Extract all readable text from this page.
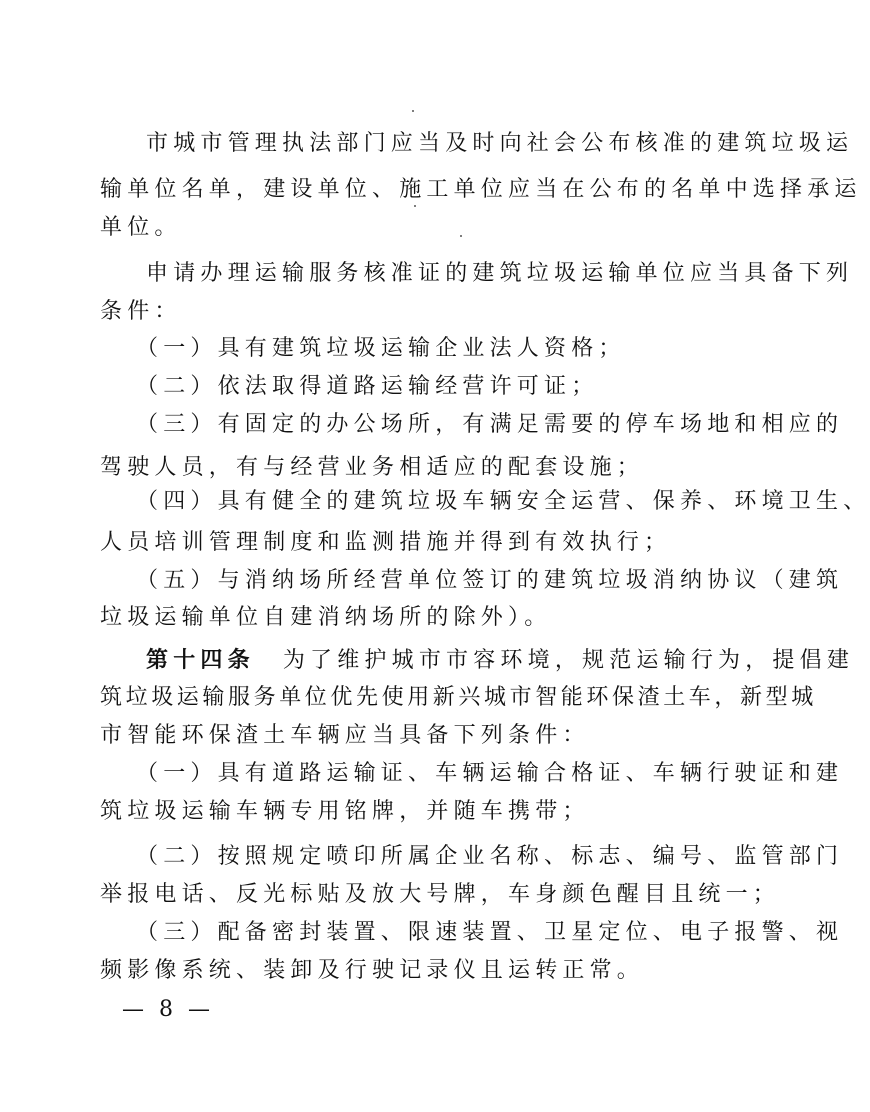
市城市管理执法部门应当及时向社会公布核准的建筑垃圾运
输单位名单，建设单位、施工单位应当在公布的名单中选择承运
单位。
申请办理运输服务核准证的建筑垃圾运输单位应当具备下列
条件：
（一）具有建筑垃圾运输企业法人资格；
（二）依法取得道路运输经营许可证；
（三）有固定的办公场所，有满足需要的停车场地和相应的
驾驶人员，有与经营业务相适应的配套设施；
（四）具有健全的建筑垃圾车辆安全运营、保养、环境卫生、
人员培训管理制度和监测措施并得到有效执行；
（五）与消纳场所经营单位签订的建筑垃圾消纳协议（建筑
垃圾运输单位自建消纳场所的除外）。
第十四条 为了维护城市市容环境，规范运输行为，提倡建
筑垃圾运输服务单位优先使用新兴城市智能环保渣土车，新型城
市智能环保渣土车辆应当具备下列条件：
（一）具有道路运输证、车辆运输合格证、车辆行驶证和建
筑垃圾运输车辆专用铭牌，并随车携带；
（二）按照规定喷印所属企业名称、标志、编号、监管部门
举报电话、反光标贴及放大号牌，车身颜色醒目且统一；
（三）配备密封装置、限速装置、卫星定位、电子报警、视
频影像系统、装卸及行驶记录仪且运转正常。
— 8 —
